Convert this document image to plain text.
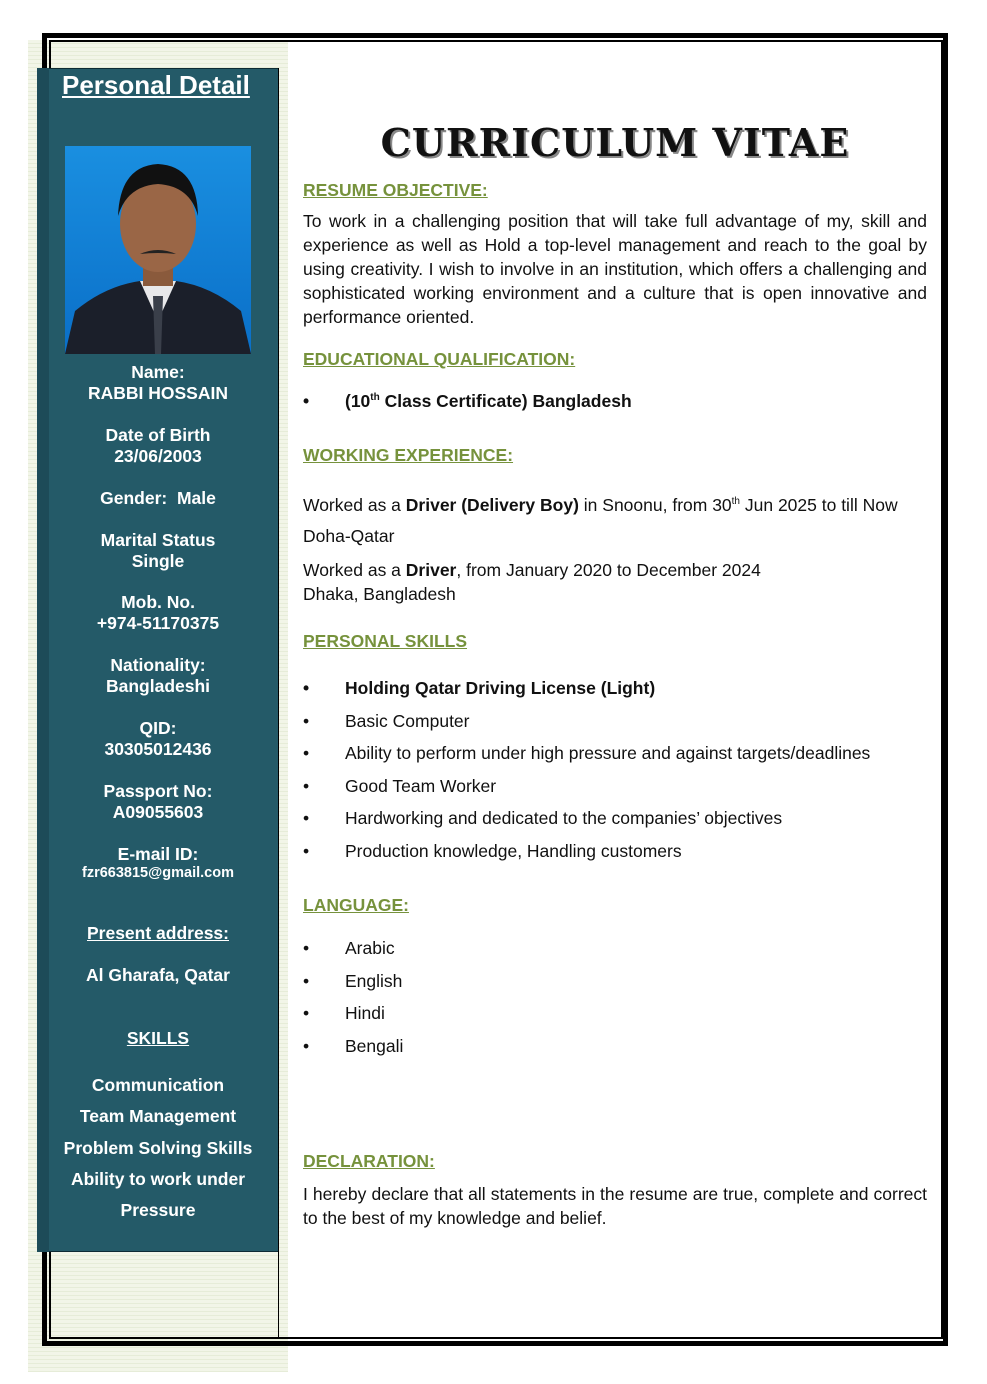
Personal Detail
Name:
RABBI HOSSAIN
Date of Birth
23/06/2003
Gender:  Male
Marital Status
Single
Mob. No.
+974-51170375
Nationality:
Bangladeshi
QID:
30305012436
Passport No:
A09055603
E-mail ID:
fzr663815@gmail.com
Present address:
Al Gharafa, Qatar
SKILLS
Communication
Team Management
Problem Solving Skills
Ability to work under
Pressure
CURRICULUM VITAE
RESUME OBJECTIVE:
To work in a challenging position that will take full advantage of my, skill and experience as well as Hold a top-level management and reach to the goal by using creativity. I wish to involve in an institution, which offers a challenging and sophisticated working environment and a culture that is open innovative and performance oriented.
EDUCATIONAL QUALIFICATION:
• (10th Class Certificate) Bangladesh
WORKING EXPERIENCE:
Worked as a Driver (Delivery Boy) in Snoonu, from 30th Jun 2025 to till Now
Doha-Qatar
Worked as a Driver, from January 2020 to December 2024
Dhaka, Bangladesh
PERSONAL SKILLS
• Holding Qatar Driving License (Light)
• Basic Computer
• Ability to perform under high pressure and against targets/deadlines
• Good Team Worker
• Hardworking and dedicated to the companies’ objectives
• Production knowledge, Handling customers
LANGUAGE:
• Arabic
• English
• Hindi
• Bengali
DECLARATION:
I hereby declare that all statements in the resume are true, complete and correct to the best of my knowledge and belief.
